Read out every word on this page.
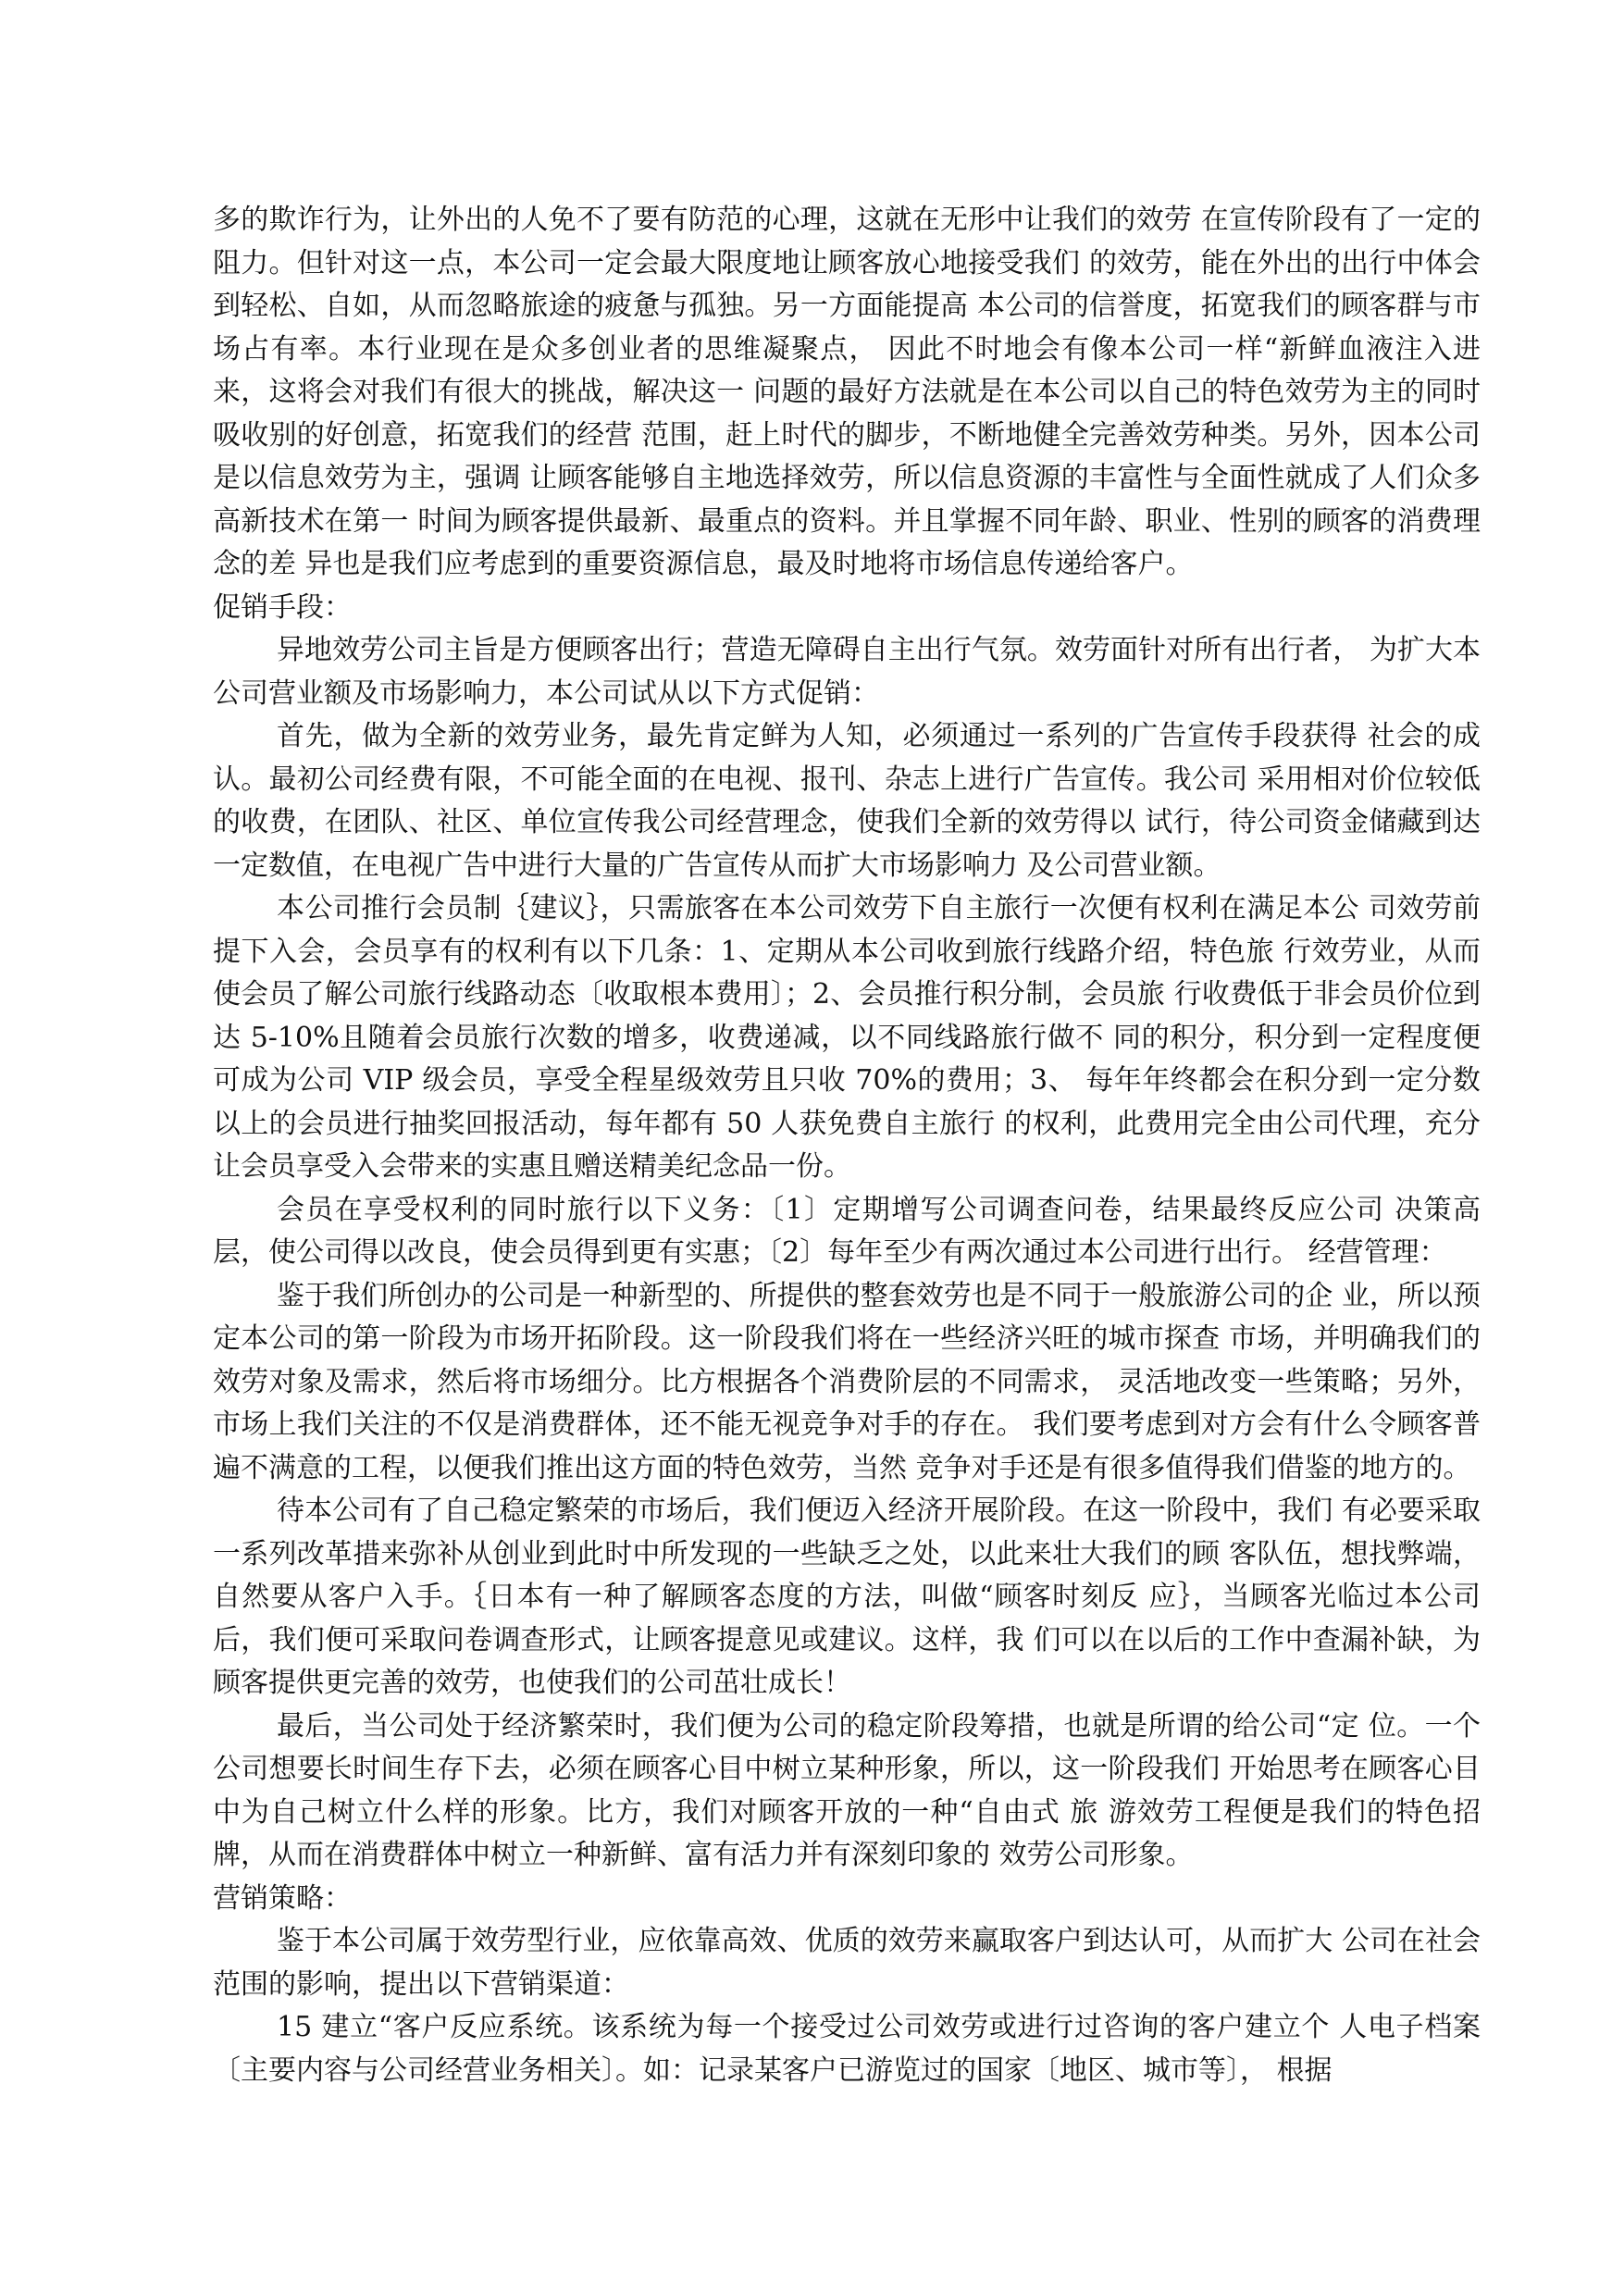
多的欺诈行为，让外出的人免不了要有防范的心理，这就在无形中让我们的效劳 在宣传阶段有了一定的阻力。但针对这一点，本公司一定会最大限度地让顾客放心地接受我们 的效劳，能在外出的出行中体会到轻松、自如，从而忽略旅途的疲惫与孤独。另一方面能提高 本公司的信誉度，拓宽我们的顾客群与市场占有率。本行业现在是众多创业者的思维凝聚点， 因此不时地会有像本公司一样“新鲜血液注入进来，这将会对我们有很大的挑战，解决这一 问题的最好方法就是在本公司以自己的特色效劳为主的同时吸收别的好创意，拓宽我们的经营 范围，赶上时代的脚步，不断地健全完善效劳种类。另外，因本公司是以信息效劳为主，强调 让顾客能够自主地选择效劳，所以信息资源的丰富性与全面性就成了人们众多高新技术在第一 时间为顾客提供最新、最重点的资料。并且掌握不同年龄、职业、性别的顾客的消费理念的差 异也是我们应考虑到的重要资源信息，最及时地将市场信息传递给客户。

促销手段：

异地效劳公司主旨是方便顾客出行；营造无障碍自主出行气氛。效劳面针对所有出行者， 为扩大本公司营业额及市场影响力，本公司试从以下方式促销：

首先，做为全新的效劳业务，最先肯定鲜为人知，必须通过一系列的广告宣传手段获得 社会的成认。最初公司经费有限，不可能全面的在电视、报刊、杂志上进行广告宣传。我公司 采用相对价位较低的收费，在团队、社区、单位宣传我公司经营理念，使我们全新的效劳得以 试行，待公司资金储藏到达一定数值，在电视广告中进行大量的广告宣传从而扩大市场影响力 及公司营业额。

本公司推行会员制｛建议｝，只需旅客在本公司效劳下自主旅行一次便有权利在满足本公 司效劳前提下入会，会员享有的权利有以下几条：1、定期从本公司收到旅行线路介绍，特色旅 行效劳业，从而使会员了解公司旅行线路动态〔收取根本费用〕；2、会员推行积分制，会员旅 行收费低于非会员价位到达 5-10%且随着会员旅行次数的增多，收费递减，以不同线路旅行做不 同的积分，积分到一定程度便可成为公司 VIP 级会员，享受全程星级效劳且只收 70%的费用；3、 每年年终都会在积分到一定分数以上的会员进行抽奖回报活动，每年都有 50 人获免费自主旅行 的权利，此费用完全由公司代理，充分让会员享受入会带来的实惠且赠送精美纪念品一份。

会员在享受权利的同时旅行以下义务：〔1〕定期增写公司调查问卷，结果最终反应公司 决策高层，使公司得以改良，使会员得到更有实惠；〔2〕每年至少有两次通过本公司进行出行。 经营管理：

鉴于我们所创办的公司是一种新型的、所提供的整套效劳也是不同于一般旅游公司的企 业，所以预定本公司的第一阶段为市场开拓阶段。这一阶段我们将在一些经济兴旺的城市探查 市场，并明确我们的效劳对象及需求，然后将市场细分。比方根据各个消费阶层的不同需求， 灵活地改变一些策略；另外，市场上我们关注的不仅是消费群体，还不能无视竞争对手的存在。 我们要考虑到对方会有什么令顾客普遍不满意的工程，以便我们推出这方面的特色效劳，当然 竞争对手还是有很多值得我们借鉴的地方的。

待本公司有了自己稳定繁荣的市场后，我们便迈入经济开展阶段。在这一阶段中，我们 有必要采取一系列改革措来弥补从创业到此时中所发现的一些缺乏之处，以此来壮大我们的顾 客队伍，想找弊端，自然要从客户入手。｛日本有一种了解顾客态度的方法，叫做“顾客时刻反 应｝，当顾客光临过本公司后，我们便可采取问卷调查形式，让顾客提意见或建议。这样，我 们可以在以后的工作中查漏补缺，为顾客提供更完善的效劳，也使我们的公司茁壮成长！

最后，当公司处于经济繁荣时，我们便为公司的稳定阶段筹措，也就是所谓的给公司“定 位。一个公司想要长时间生存下去，必须在顾客心目中树立某种形象，所以，这一阶段我们 开始思考在顾客心目中为自己树立什么样的形象。比方，我们对顾客开放的一种“自由式 旅 游效劳工程便是我们的特色招牌，从而在消费群体中树立一种新鲜、富有活力并有深刻印象的 效劳公司形象。

营销策略：

鉴于本公司属于效劳型行业，应依靠高效、优质的效劳来赢取客户到达认可，从而扩大 公司在社会范围的影响，提出以下营销渠道：

15 建立“客户反应系统。该系统为每一个接受过公司效劳或进行过咨询的客户建立个 人电子档案〔主要内容与公司经营业务相关〕。如：记录某客户已游览过的国家〔地区、城市等〕， 根据
